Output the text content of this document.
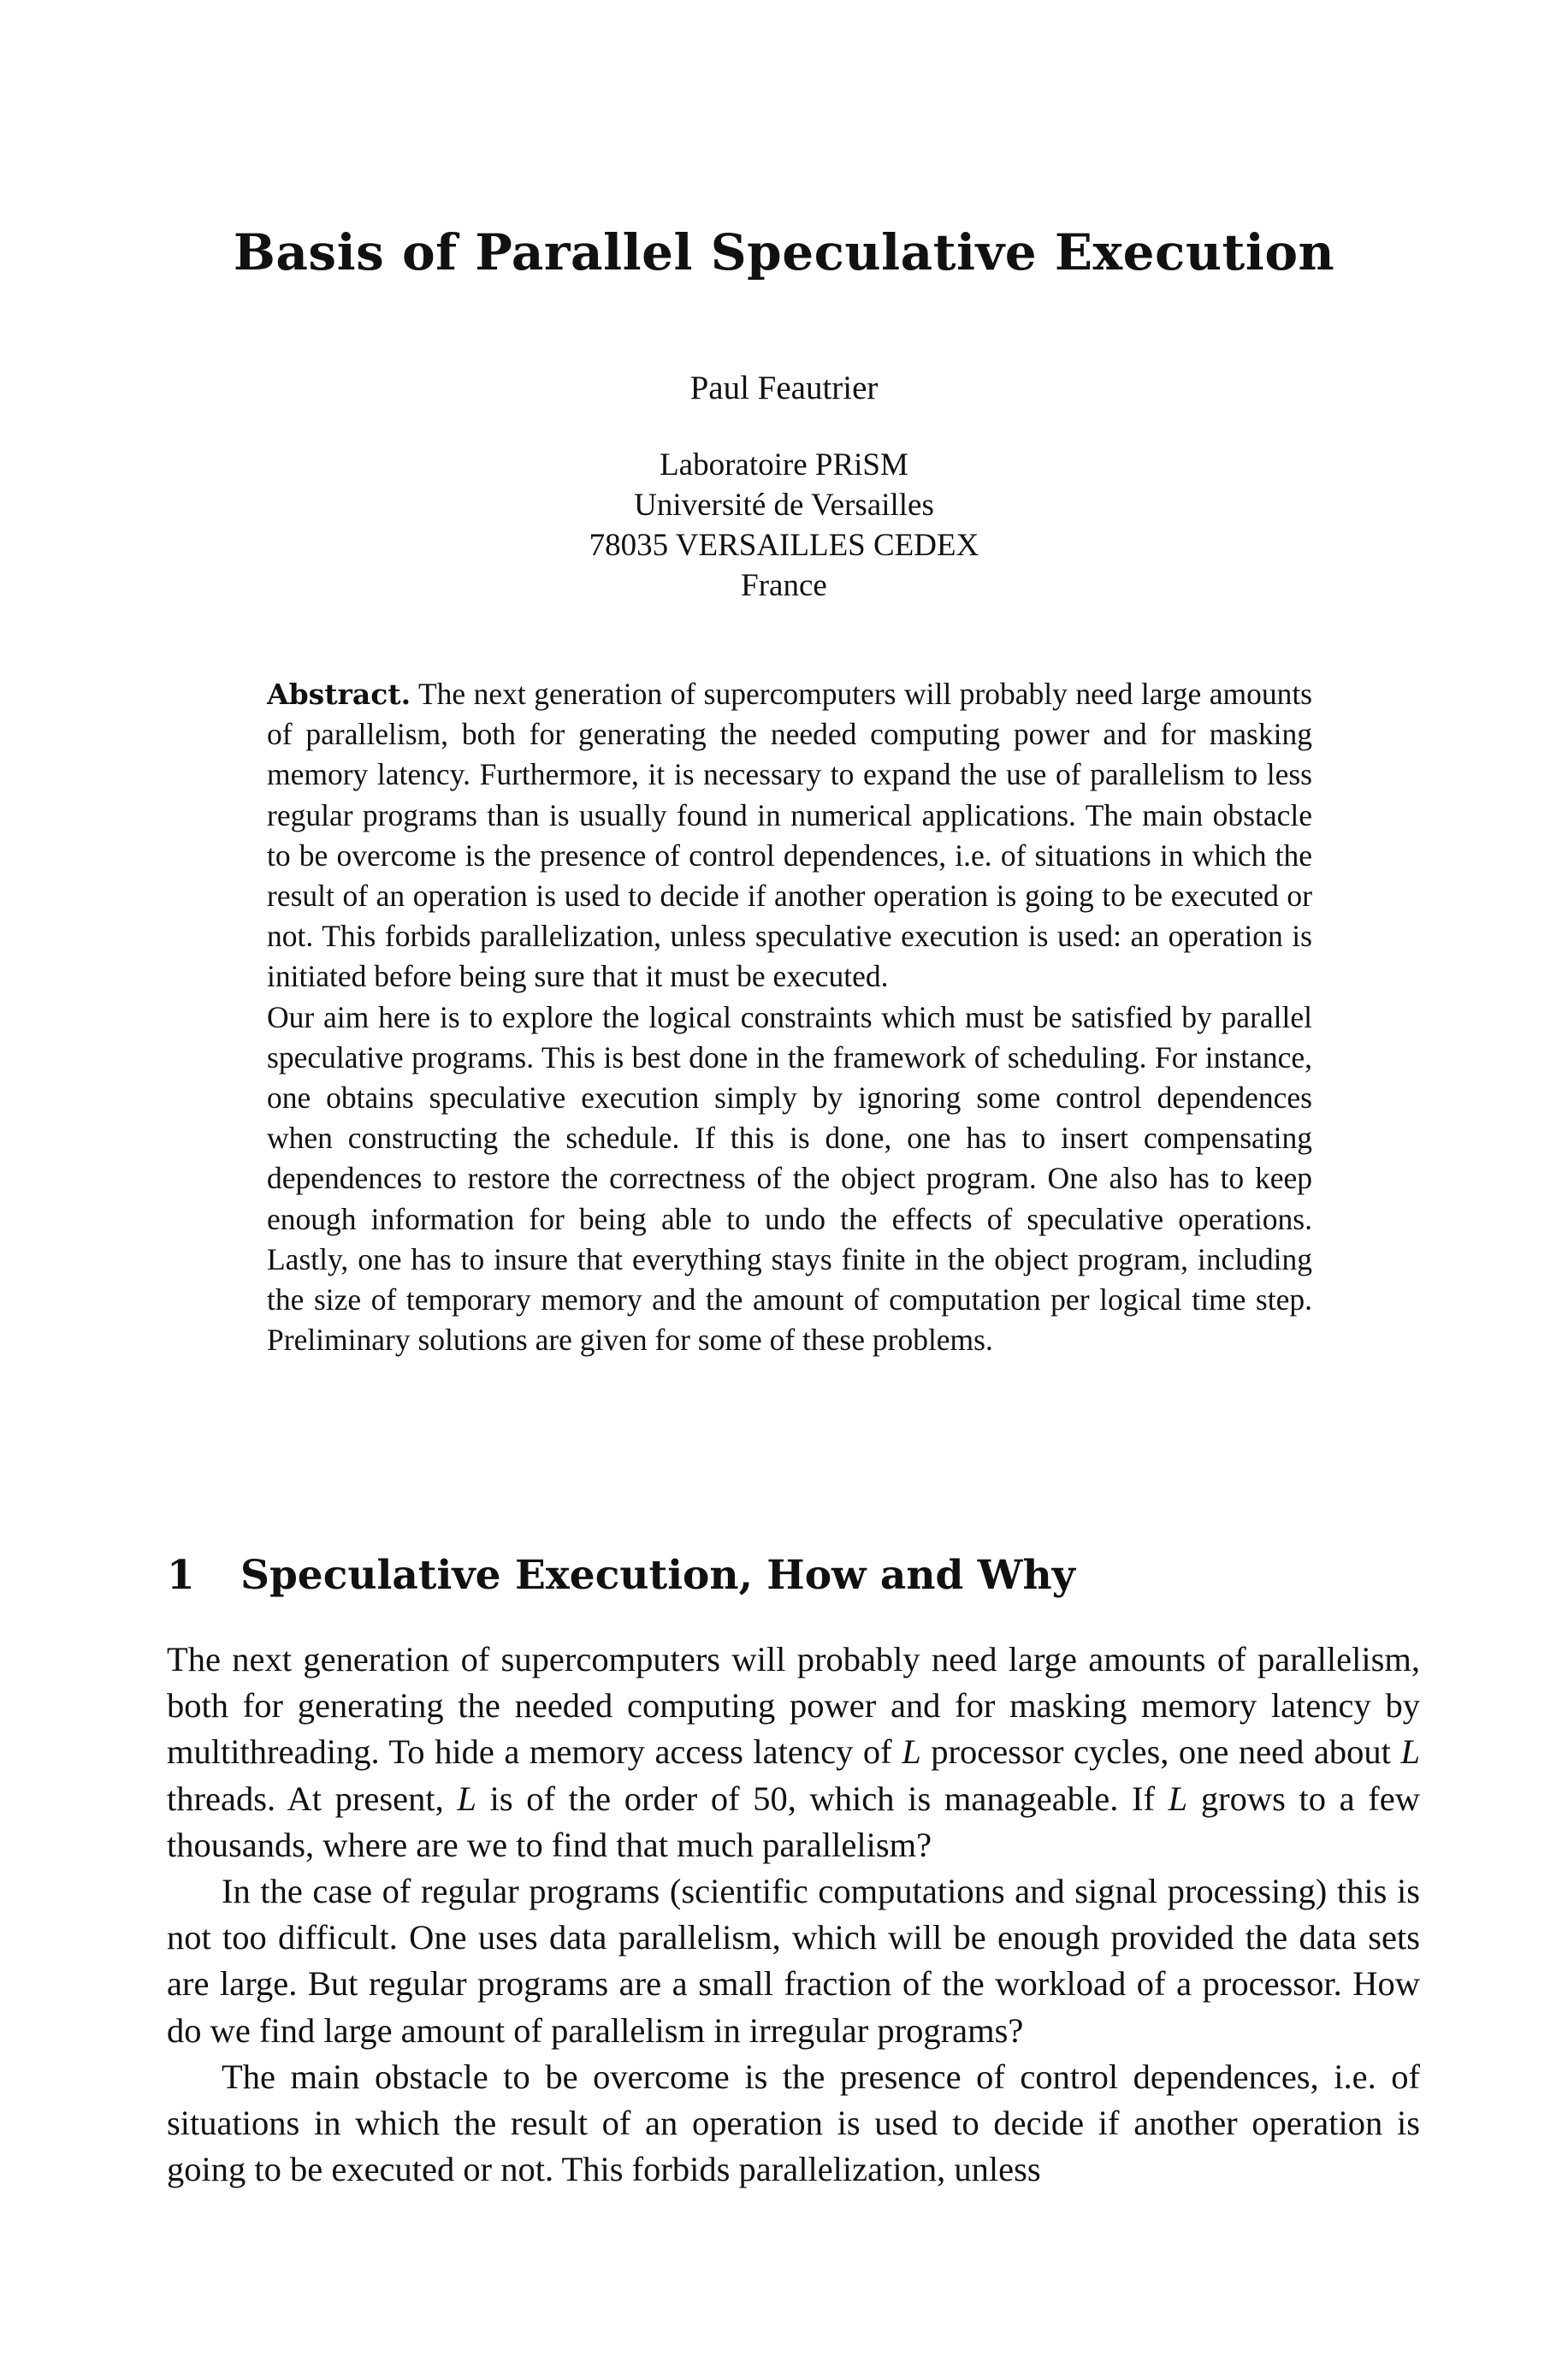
Basis of Parallel Speculative Execution
Paul Feautrier
Laboratoire PRiSM
Université de Versailles
78035 VERSAILLES CEDEX
France

Abstract. The next generation of supercomputers will probably need large amounts of parallelism, both for generating the needed computing power and for masking memory latency. Furthermore, it is necessary to expand the use of parallelism to less regular programs than is usually found in numerical applications. The main obstacle to be overcome is the presence of control dependences, i.e. of situations in which the result of an operation is used to decide if another operation is going to be executed or not. This forbids parallelization, unless speculative execution is used: an operation is initiated before being sure that it must be executed.

Our aim here is to explore the logical constraints which must be satisfied by parallel speculative programs. This is best done in the framework of scheduling. For instance, one obtains speculative execution simply by ignoring some control dependences when constructing the schedule. If this is done, one has to insert compensating dependences to restore the correctness of the object program. One also has to keep enough information for being able to undo the effects of speculative operations. Lastly, one has to insure that everything stays finite in the object program, including the size of temporary memory and the amount of computation per logical time step. Preliminary solutions are given for some of these problems.

1 Speculative Execution, How and Why

The next generation of supercomputers will probably need large amounts of parallelism, both for generating the needed computing power and for masking memory latency by multithreading. To hide a memory access latency of L processor cycles, one need about L threads. At present, L is of the order of 50, which is manageable. If L grows to a few thousands, where are we to find that much parallelism?

In the case of regular programs (scientific computations and signal processing) this is not too difficult. One uses data parallelism, which will be enough provided the data sets are large. But regular programs are a small fraction of the workload of a processor. How do we find large amount of parallelism in irregular programs?

The main obstacle to be overcome is the presence of control dependences, i.e. of situations in which the result of an operation is used to decide if another operation is going to be executed or not. This forbids parallelization, unless
